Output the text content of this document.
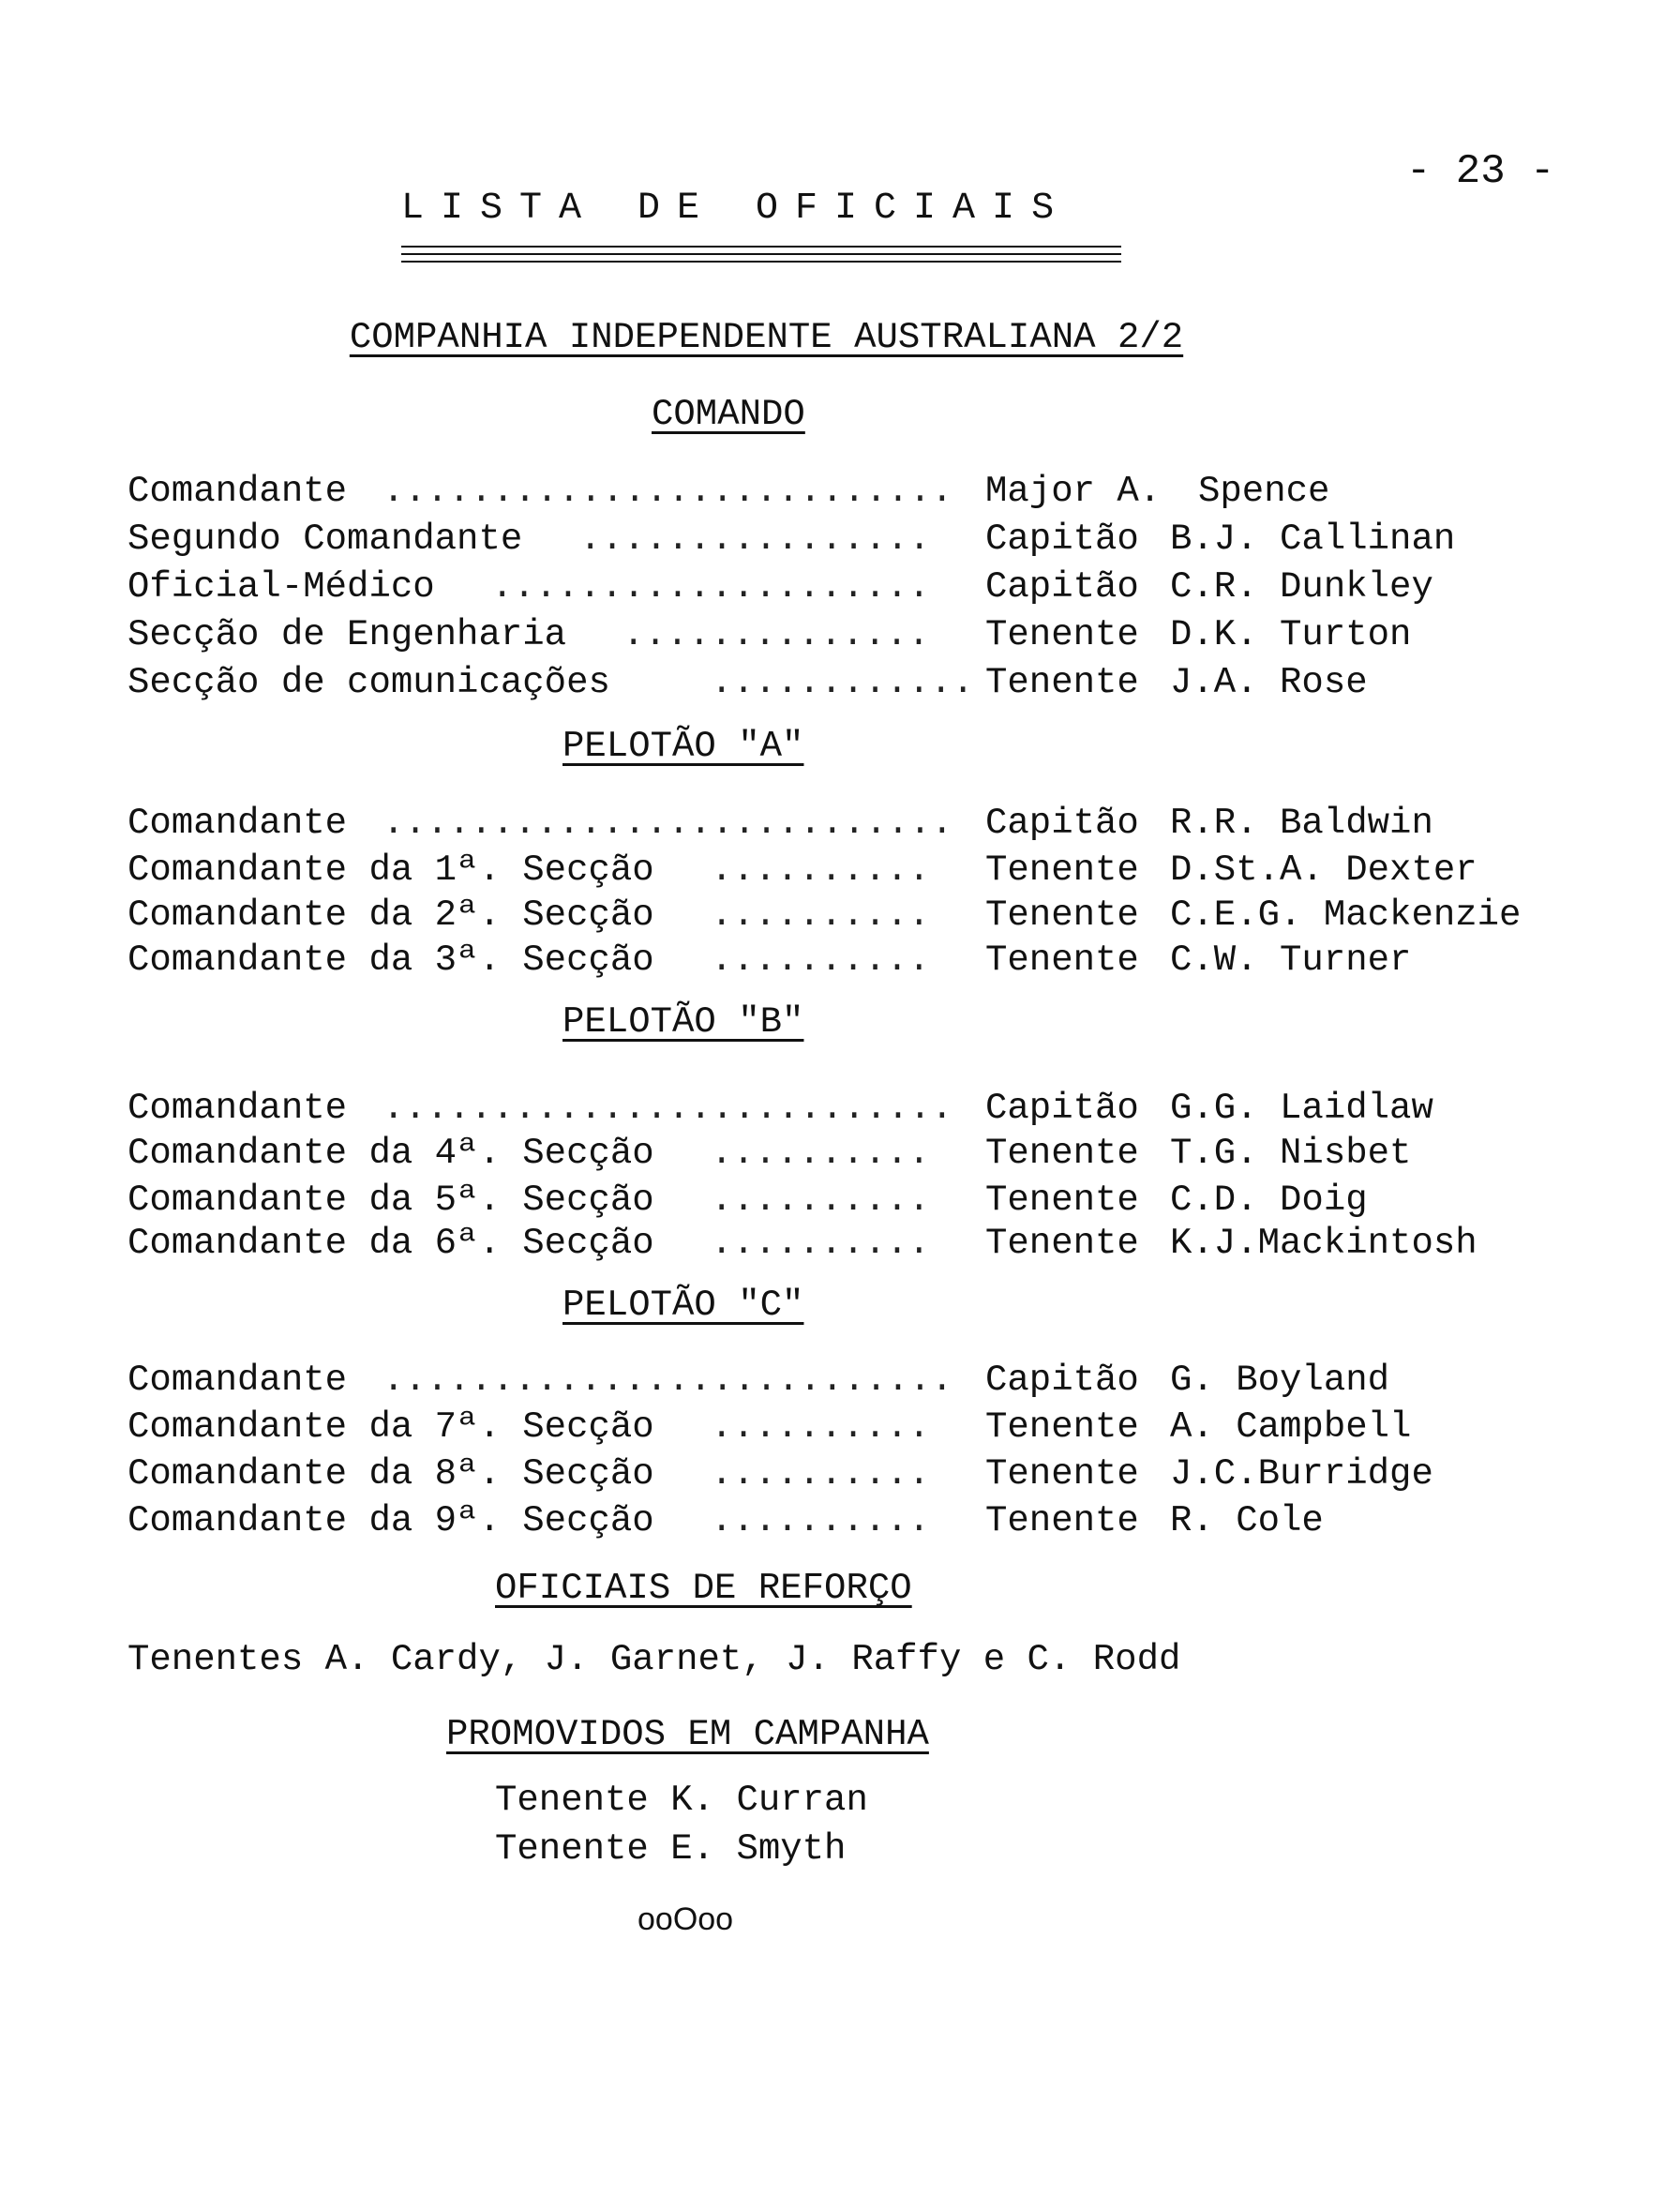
- 23 -
LISTA DE OFICIAIS
COMPANHIA INDEPENDENTE AUSTRALIANA 2/2
COMANDO
Comandante .......................... Major A. Spence
Segundo Comandante ................ Capitão B.J. Callinan
Oficial-Médico .................... Capitão C.R. Dunkley
Secção de Engenharia .............. Tenente D.K. Turton
Secção de comunicações	............ Tenente J.A. Rose
PELOTÃO "A"
Comandante .......................... Capitão R.R. Baldwin
Comandante da 1ª. Secção .......... Tenente D.St.A. Dexter
Comandante da 2ª. Secção .......... Tenente C.E.G. Mackenzie
Comandante da 3ª. Secção .......... Tenente C.W. Turner
PELOTÃO "B"
Comandante .......................... Capitão G.G. Laidlaw
Comandante da 4ª. Secção .......... Tenente T.G. Nisbet
Comandante da 5ª. Secção .......... Tenente C.D. Doig
Comandante da 6ª. Secção .......... Tenente K.J.Mackintosh
PELOTÃO "C"
Comandante .......................... Capitão G. Boyland
Comandante da 7ª. Secção .......... Tenente A. Campbell
Comandante da 8ª. Secção .......... Tenente J.C.Burridge
Comandante da 9ª. Secção .......... Tenente R. Cole
OFICIAIS DE REFORÇO
Tenentes A. Cardy, J. Garnet, J. Raffy e C. Rodd
PROMOVIDOS EM CAMPANHA
Tenente K. Curran
Tenente E. Smyth
ooOoo
